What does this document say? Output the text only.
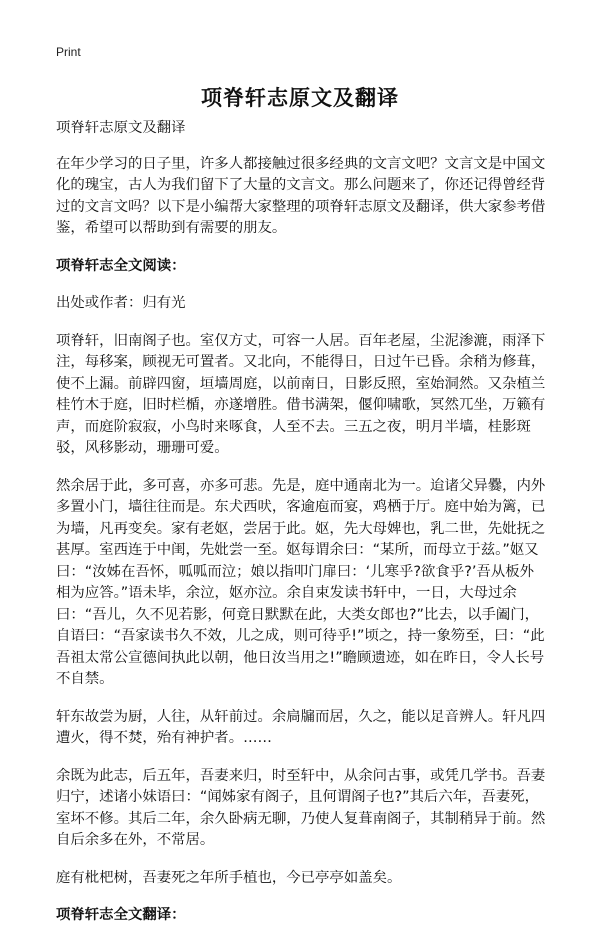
Print
项脊轩志原文及翻译

项脊轩志原文及翻译

在年少学习的日子里，许多人都接触过很多经典的文言文吧？文言文是中国文化的瑰宝，古人为我们留下了大量的文言文。那么问题来了，你还记得曾经背过的文言文吗？以下是小编帮大家整理的项脊轩志原文及翻译，供大家参考借鉴，希望可以帮助到有需要的朋友。

项脊轩志全文阅读：

出处或作者：归有光

项脊轩，旧南阁子也。室仅方丈，可容一人居。百年老屋，尘泥渗漉，雨泽下注，每移案，顾视无可置者。又北向，不能得日，日过午已昏。余稍为修葺，使不上漏。前辟四窗，垣墙周庭，以前南日，日影反照，室始洞然。又杂植兰桂竹木于庭，旧时栏楯，亦遂增胜。借书满架，偃仰啸歌，冥然兀坐，万籁有声，而庭阶寂寂，小鸟时来啄食，人至不去。三五之夜，明月半墙，桂影斑驳，风移影动，珊珊可爱。

然余居于此，多可喜，亦多可悲。先是，庭中通南北为一。迨诸父异爨，内外多置小门，墙往往而是。东犬西吠，客逾庖而宴，鸡栖于厅。庭中始为篱，已为墙，凡再变矣。家有老妪，尝居于此。妪，先大母婢也，乳二世，先妣抚之甚厚。室西连于中闺，先妣尝一至。妪每谓余曰：“某所，而母立于兹。”妪又曰：“汝姊在吾怀，呱呱而泣；娘以指叩门扉曰：‘儿寒乎?欲食乎?’吾从板外相为应答。”语未毕，余泣，妪亦泣。余自束发读书轩中，一日，大母过余曰：“吾儿，久不见若影，何竟日默默在此，大类女郎也?”比去，以手阖门，自语曰：“吾家读书久不效，儿之成，则可待乎!”顷之，持一象笏至，曰：“此吾祖太常公宣德间执此以朝，他日汝当用之!”瞻顾遗迹，如在昨日，令人长号不自禁。

轩东故尝为厨，人往，从轩前过。余扃牖而居，久之，能以足音辨人。轩凡四遭火，得不焚，殆有神护者。……

余既为此志，后五年，吾妻来归，时至轩中，从余问古事，或凭几学书。吾妻归宁，述诸小妹语曰：“闻姊家有阁子，且何谓阁子也?”其后六年，吾妻死，室坏不修。其后二年，余久卧病无聊，乃使人复葺南阁子，其制稍异于前。然自后余多在外，不常居。

庭有枇杷树，吾妻死之年所手植也，今已亭亭如盖矣。

项脊轩志全文翻译：
